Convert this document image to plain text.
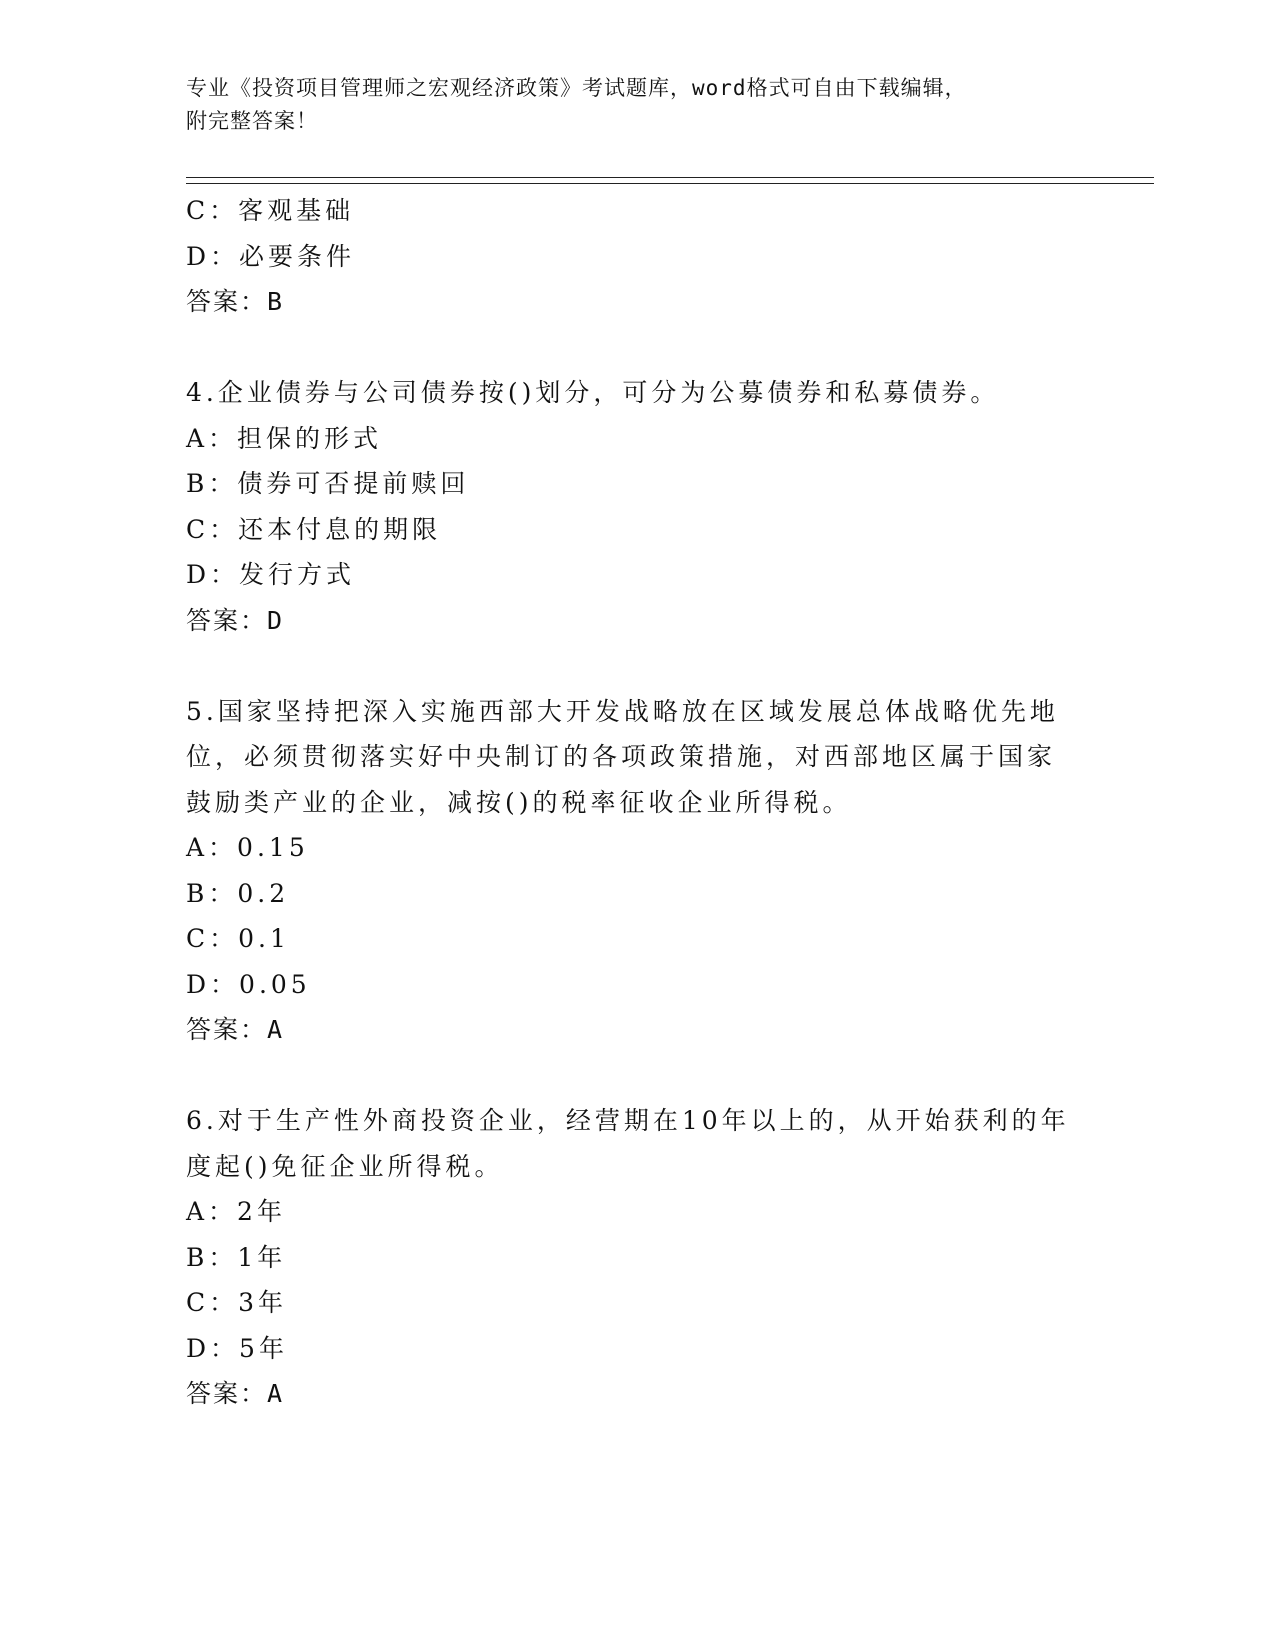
专业《投资项目管理师之宏观经济政策》考试题库，word格式可自由下载编辑，
附完整答案！
C：客观基础
D：必要条件
答案：B
4.企业债券与公司债券按()划分，可分为公募债券和私募债券。
A：担保的形式
B：债券可否提前赎回
C：还本付息的期限
D：发行方式
答案：D
5.国家坚持把深入实施西部大开发战略放在区域发展总体战略优先地
位，必须贯彻落实好中央制订的各项政策措施，对西部地区属于国家
鼓励类产业的企业，减按()的税率征收企业所得税。
A：0.15
B：0.2
C：0.1
D：0.05
答案：A
6.对于生产性外商投资企业，经营期在10年以上的，从开始获利的年
度起()免征企业所得税。
A：2年
B：1年
C：3年
D：5年
答案：A
